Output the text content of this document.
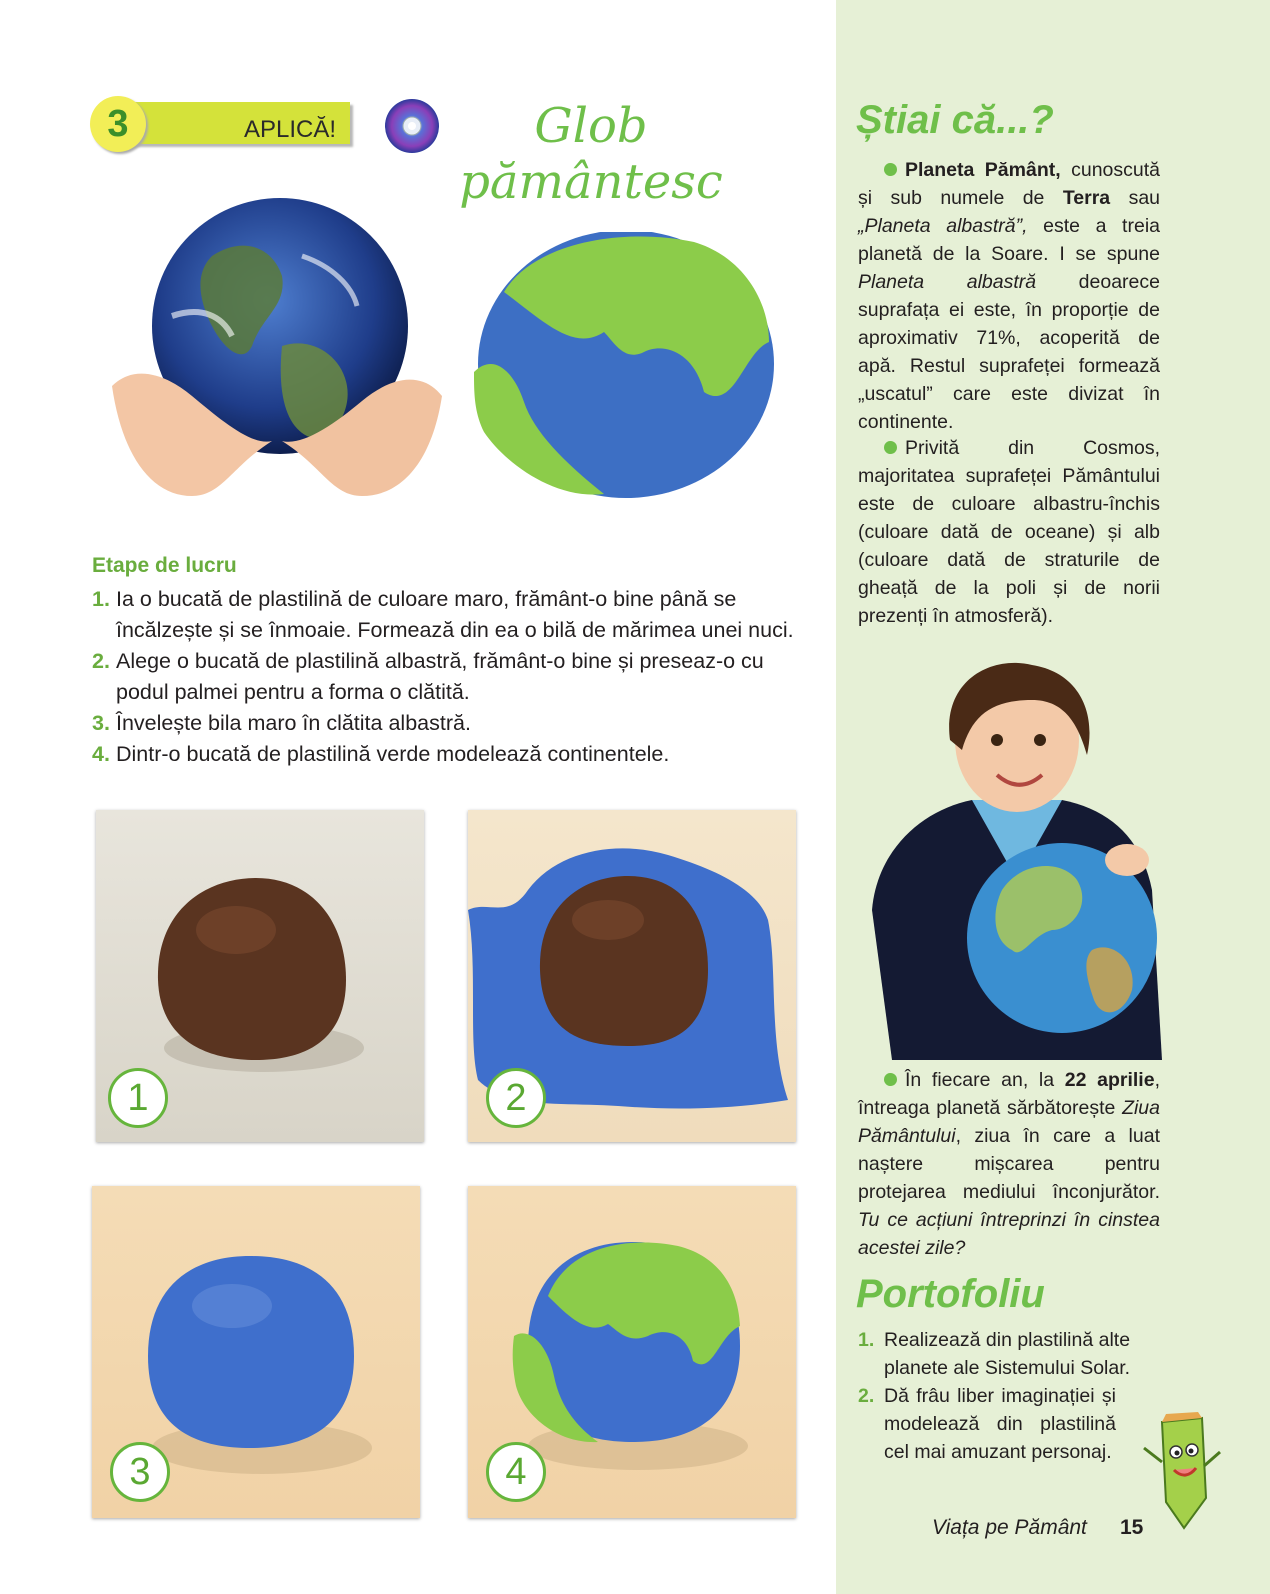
APLICĂ!
3	Glob
pământesc
Etape de lucru
1. Ia o bucată de plastilină de culoare maro, frământ-o bine până se încălzește și se înmoaie. Formează din ea o bilă de mărimea unei nuci.
2. Alege o bucată de plastilină albastră, frământ-o bine și preseaz-o cu podul palmei pentru a forma o clătită.
3. Învelește bila maro în clătita albastră.
4. Dintr-o bucată de plastilină verde modelează continentele.
1	2
3	4
Știai că...?
Planeta Pământ, cunoscută și sub numele de Terra sau „Planeta albastră”, este a treia planetă de la Soare. I se spune Planeta albastră deoarece suprafața ei este, în proporție de aproximativ 71%, acoperită de apă. Restul suprafeței formează „uscatul” care este divizat în continente.
Privită din Cosmos, majoritatea suprafeței Pământului este de culoare albastru-închis (culoare dată de oceane) și alb (culoare dată de straturile de gheață de la poli și de norii prezenți în atmosferă).
În fiecare an, la 22 aprilie, întreaga planetă sărbătorește Ziua Pământului, ziua în care a luat naștere mișcarea pentru protejarea mediului înconjurător. Tu ce acțiuni întreprinzi în cinstea acestei zile?
Portofoliu
1. Realizează din plastilină alte planete ale Sistemului Solar.
2. Dă frâu liber imaginației și modelează din plastilină cel mai amuzant personaj.
Viața pe Pământ 15
